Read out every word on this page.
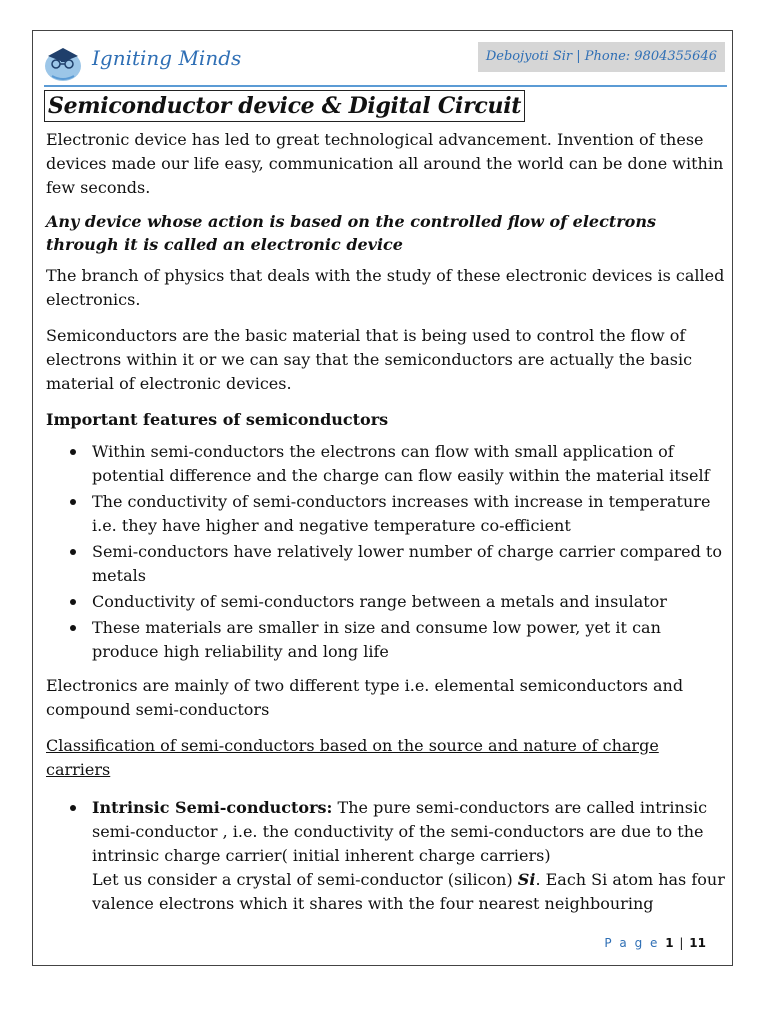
Igniting Minds	Debojyoti Sir | Phone: 9804355646
Semiconductor device & Digital Circuit

Electronic device has led to great technological advancement. Invention of these devices made our life easy, communication all around the world can be done within few seconds.

Any device whose action is based on the controlled flow of electrons through it is called an electronic device

The branch of physics that deals with the study of these electronic devices is called electronics.

Semiconductors are the basic material that is being used to control the flow of electrons within it or we can say that the semiconductors are actually the basic material of electronic devices.

Important features of semiconductors

Within semi-conductors the electrons can flow with small application of potential difference and the charge can flow easily within the material itself
The conductivity of semi-conductors increases with increase in temperature i.e. they have higher and negative temperature co-efficient
Semi-conductors have relatively lower number of charge carrier compared to metals
Conductivity of semi-conductors range between a metals and insulator
These materials are smaller in size and consume low power, yet it can produce high reliability and long life

Electronics are mainly of two different type i.e. elemental semiconductors and compound semi-conductors

Classification of semi-conductors based on the source and nature of charge carriers

Intrinsic Semi-conductors: The pure semi-conductors are called intrinsic semi-conductor , i.e. the conductivity of the semi-conductors are due to the intrinsic charge carrier( initial inherent charge carriers)
Let us consider a crystal of semi-conductor (silicon) Si. Each Si atom has four valence electrons which it shares with the four nearest neighbouring
P a g e 1 | 11
